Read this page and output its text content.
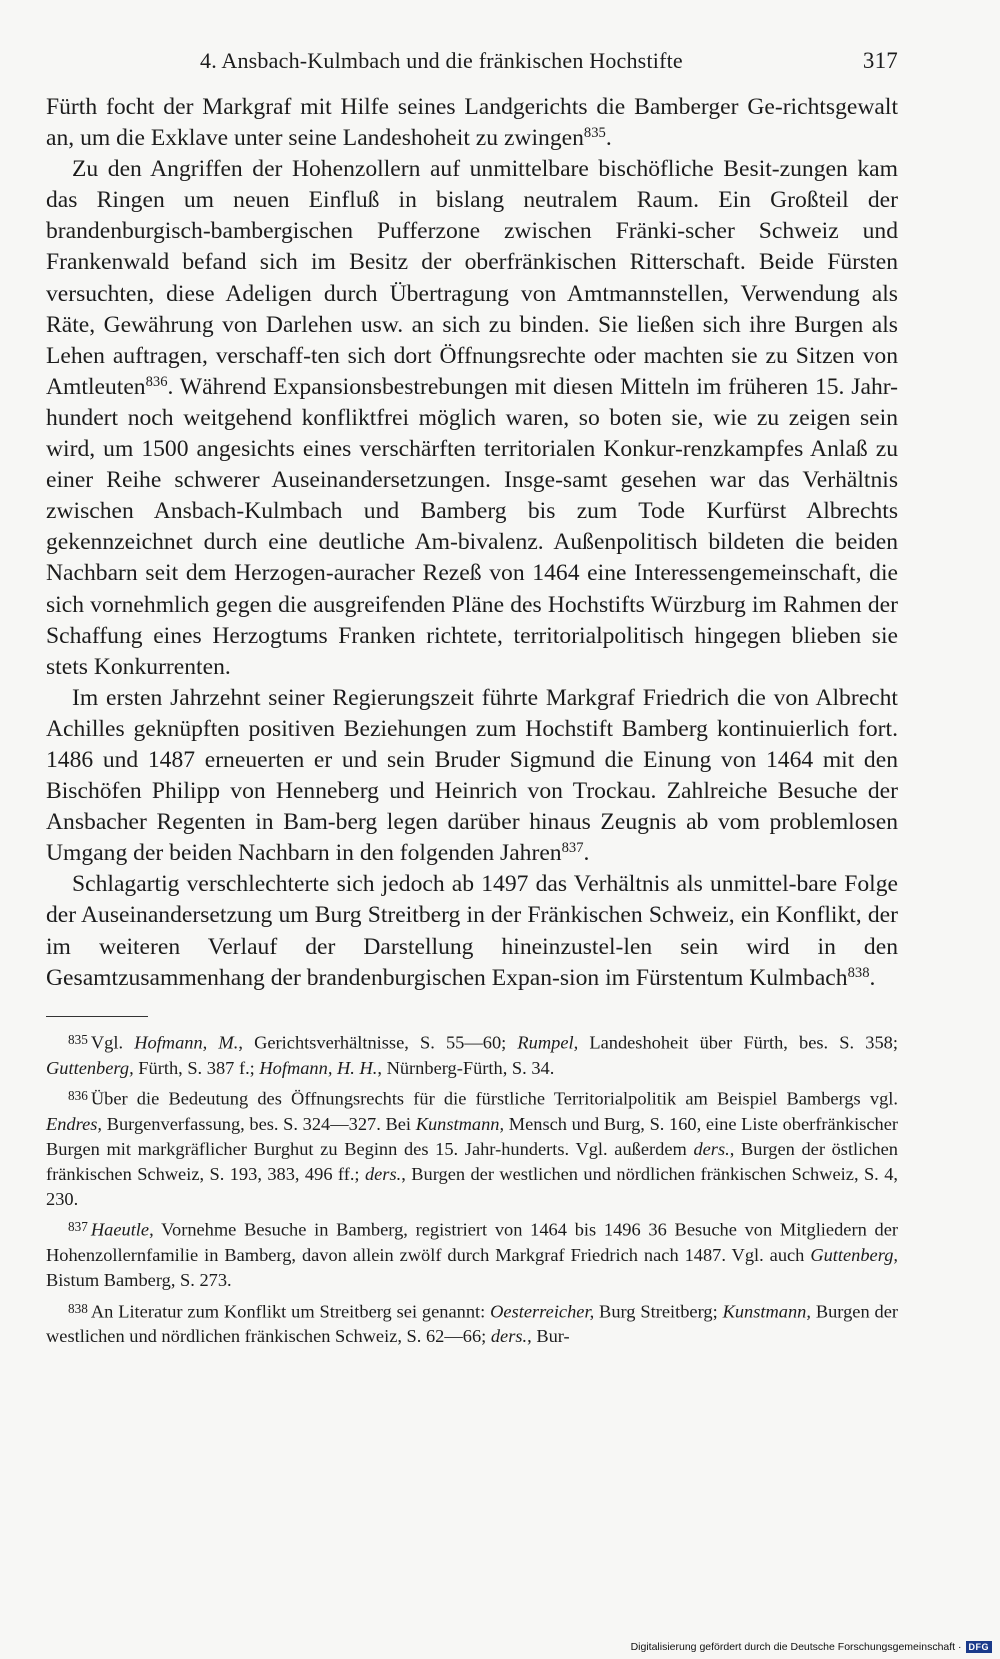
4. Ansbach-Kulmbach und die fränkischen Hochstifte	317

Fürth focht der Markgraf mit Hilfe seines Landgerichts die Bamberger Ge-richtsgewalt an, um die Exklave unter seine Landeshoheit zu zwingen$^{835}$.

Zu den Angriffen der Hohenzollern auf unmittelbare bischöfliche Besit-zungen kam das Ringen um neuen Einfluß in bislang neutralem Raum. Ein Großteil der brandenburgisch-bambergischen Pufferzone zwischen Fränki-scher Schweiz und Frankenwald befand sich im Besitz der oberfränkischen Ritterschaft. Beide Fürsten versuchten, diese Adeligen durch Übertragung von Amtmannstellen, Verwendung als Räte, Gewährung von Darlehen usw. an sich zu binden. Sie ließen sich ihre Burgen als Lehen auftragen, verschaff-ten sich dort Öffnungsrechte oder machten sie zu Sitzen von Amtleuten$^{836}$. Während Expansionsbestrebungen mit diesen Mitteln im früheren 15. Jahr-hundert noch weitgehend konfliktfrei möglich waren, so boten sie, wie zu zeigen sein wird, um 1500 angesichts eines verschärften territorialen Konkur-renzkampfes Anlaß zu einer Reihe schwerer Auseinandersetzungen. Insge-samt gesehen war das Verhältnis zwischen Ansbach-Kulmbach und Bamberg bis zum Tode Kurfürst Albrechts gekennzeichnet durch eine deutliche Am-bivalenz. Außenpolitisch bildeten die beiden Nachbarn seit dem Herzogen-auracher Rezeß von 1464 eine Interessengemeinschaft, die sich vornehmlich gegen die ausgreifenden Pläne des Hochstifts Würzburg im Rahmen der Schaffung eines Herzogtums Franken richtete, territorialpolitisch hingegen blieben sie stets Konkurrenten.

Im ersten Jahrzehnt seiner Regierungszeit führte Markgraf Friedrich die von Albrecht Achilles geknüpften positiven Beziehungen zum Hochstift Bamberg kontinuierlich fort. 1486 und 1487 erneuerten er und sein Bruder Sigmund die Einung von 1464 mit den Bischöfen Philipp von Henneberg und Heinrich von Trockau. Zahlreiche Besuche der Ansbacher Regenten in Bam-berg legen darüber hinaus Zeugnis ab vom problemlosen Umgang der beiden Nachbarn in den folgenden Jahren$^{837}$.

Schlagartig verschlechterte sich jedoch ab 1497 das Verhältnis als unmittel-bare Folge der Auseinandersetzung um Burg Streitberg in der Fränkischen Schweiz, ein Konflikt, der im weiteren Verlauf der Darstellung hineinzustel-len sein wird in den Gesamtzusammenhang der brandenburgischen Expan-sion im Fürstentum Kulmbach$^{838}$.

$^{835}$ Vgl. Hofmann, M., Gerichtsverhältnisse, S. 55—60; Rumpel, Landeshoheit über Fürth, bes. S. 358; Guttenberg, Fürth, S. 387 f.; Hofmann, H. H., Nürnberg-Fürth, S. 34.

$^{836}$ Über die Bedeutung des Öffnungsrechts für die fürstliche Territorialpolitik am Beispiel Bambergs vgl. Endres, Burgenverfassung, bes. S. 324—327. Bei Kunstmann, Mensch und Burg, S. 160, eine Liste oberfränkischer Burgen mit markgräflicher Burghut zu Beginn des 15. Jahr-hunderts. Vgl. außerdem ders., Burgen der östlichen fränkischen Schweiz, S. 193, 383, 496 ff.; ders., Burgen der westlichen und nördlichen fränkischen Schweiz, S. 4, 230.

$^{837}$ Haeutle, Vornehme Besuche in Bamberg, registriert von 1464 bis 1496 36 Besuche von Mitgliedern der Hohenzollernfamilie in Bamberg, davon allein zwölf durch Markgraf Friedrich nach 1487. Vgl. auch Guttenberg, Bistum Bamberg, S. 273.

$^{838}$ An Literatur zum Konflikt um Streitberg sei genannt: Oesterreicher, Burg Streitberg; Kunstmann, Burgen der westlichen und nördlichen fränkischen Schweiz, S. 62—66; ders., Bur-

Digitalisierung gefördert durch die Deutsche Forschungsgemeinschaft · DFG
